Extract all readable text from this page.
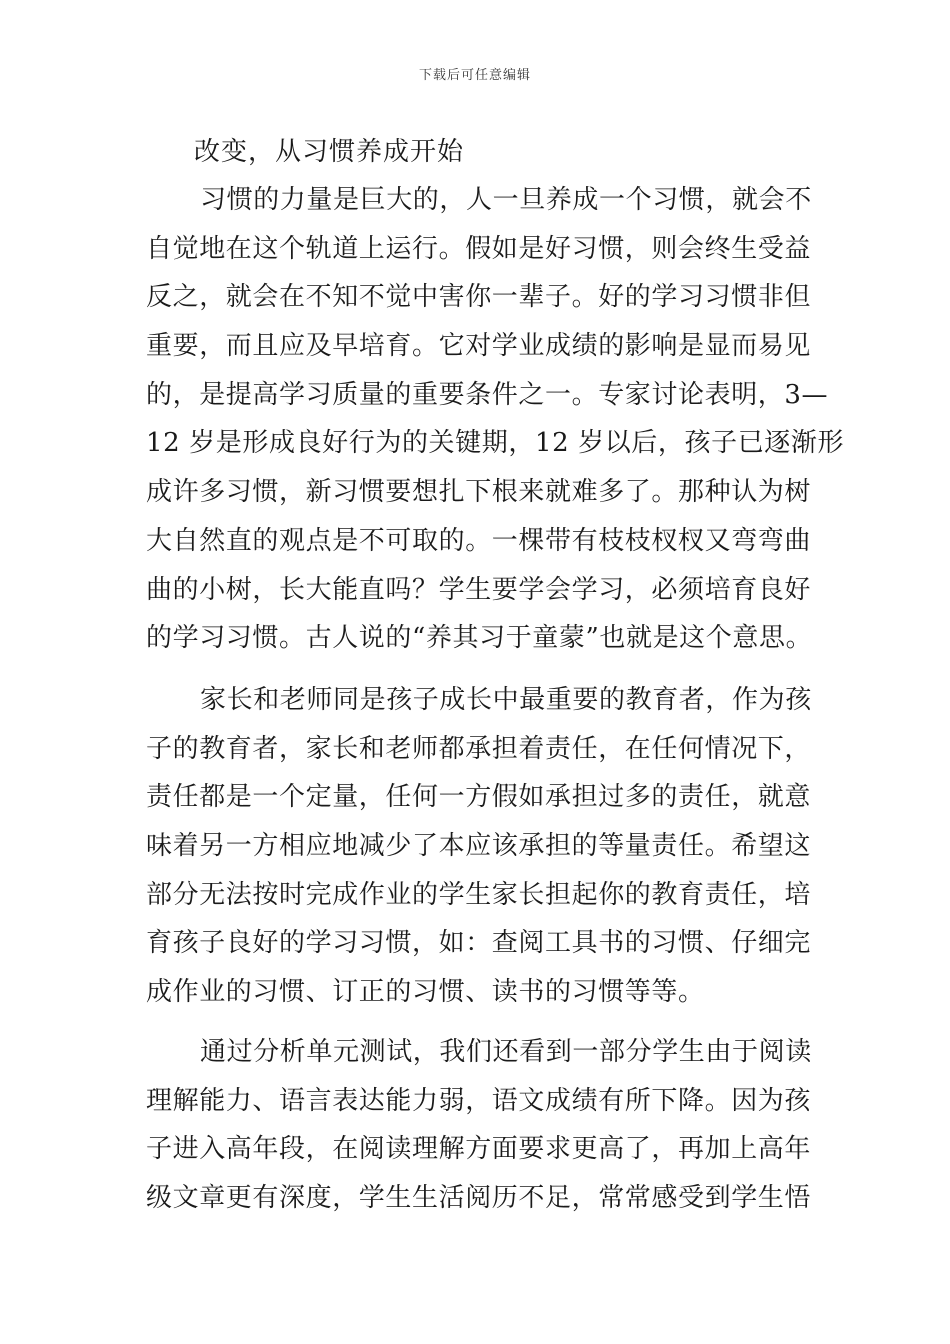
下载后可任意编辑
改变，从习惯养成开始
习惯的力量是巨大的，人一旦养成一个习惯，就会不
自觉地在这个轨道上运行。假如是好习惯，则会终生受益
反之，就会在不知不觉中害你一辈子。好的学习习惯非但
重要，而且应及早培育。它对学业成绩的影响是显而易见
的，是提高学习质量的重要条件之一。专家讨论表明，3—
12 岁是形成良好行为的关键期，12 岁以后，孩子已逐渐形
成许多习惯，新习惯要想扎下根来就难多了。那种认为树
大自然直的观点是不可取的。一棵带有枝枝杈杈又弯弯曲
曲的小树，长大能直吗？学生要学会学习，必须培育良好
的学习习惯。古人说的“养其习于童蒙”也就是这个意思。
家长和老师同是孩子成长中最重要的教育者，作为孩
子的教育者，家长和老师都承担着责任，在任何情况下，
责任都是一个定量，任何一方假如承担过多的责任，就意
味着另一方相应地减少了本应该承担的等量责任。希望这
部分无法按时完成作业的学生家长担起你的教育责任，培
育孩子良好的学习习惯，如：查阅工具书的习惯、仔细完
成作业的习惯、订正的习惯、读书的习惯等等。
通过分析单元测试，我们还看到一部分学生由于阅读
理解能力、语言表达能力弱，语文成绩有所下降。因为孩
子进入高年段，在阅读理解方面要求更高了，再加上高年
级文章更有深度，学生生活阅历不足，常常感受到学生悟
